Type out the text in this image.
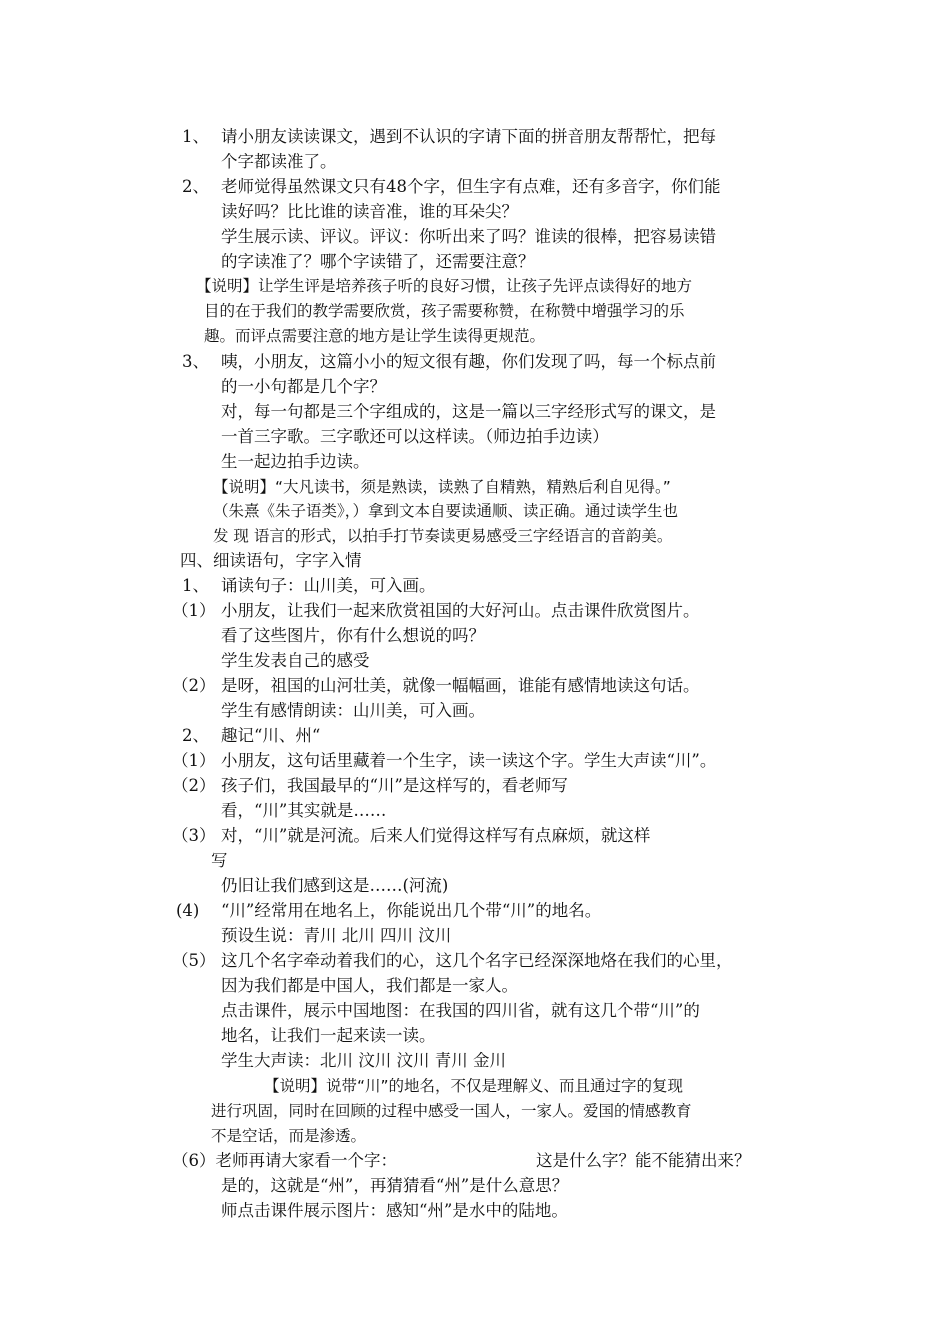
1、 请小朋友读读课文，遇到不认识的字请下面的拼音朋友帮帮忙，把每
个字都读准了。
2、 老师觉得虽然课文只有48个字，但生字有点难，还有多音字，你们能
读好吗？比比谁的读音准，谁的耳朵尖？
学生展示读、评议。评议：你听出来了吗？谁读的很棒，把容易读错
的字读准了？哪个字读错了，还需要注意？
【说明】让学生评是培养孩子听的良好习惯，让孩子先评点读得好的地方
目的在于我们的教学需要欣赏，孩子需要称赞，在称赞中增强学习的乐
趣。而评点需要注意的地方是让学生读得更规范。
3、 咦，小朋友，这篇小小的短文很有趣，你们发现了吗，每一个标点前
的一小句都是几个字？
对，每一句都是三个字组成的，这是一篇以三字经形式写的课文，是
一首三字歌。三字歌还可以这样读。（师边拍手边读）
生一起边拍手边读。
【说明】“大凡读书，须是熟读，读熟了自精熟，精熟后利自见得。”
（朱熹《朱子语类》，）拿到文本自要读通顺、读正确。通过读学生也
发 现 语言的形式，以拍手打节奏读更易感受三字经语言的音韵美。
四、细读语句，字字入情
1、 诵读句子：山川美，可入画。
（1） 小朋友，让我们一起来欣赏祖国的大好河山。点击课件欣赏图片。
看了这些图片，你有什么想说的吗？
学生发表自己的感受
（2） 是呀，祖国的山河壮美，就像一幅幅画，谁能有感情地读这句话。
学生有感情朗读：山川美，可入画。
2、 趣记“川、州“
（1） 小朋友，这句话里藏着一个生字，读一读这个字。学生大声读“川”。
（2） 孩子们，我国最早的“川”是这样写的，看老师写
看，“川”其实就是……
（3） 对，“川”就是河流。后来人们觉得这样写有点麻烦，就这样
写
仍旧让我们感到这是……(河流)
(4) “川”经常用在地名上，你能说出几个带“川”的地名。
预设生说：青川 北川 四川 汶川
（5） 这几个名字牵动着我们的心，这几个名字已经深深地烙在我们的心里，
因为我们都是中国人，我们都是一家人。
点击课件，展示中国地图：在我国的四川省，就有这几个带“川”的
地名，让我们一起来读一读。
学生大声读：北川 汶川 汶川 青川 金川
【说明】说带“川”的地名，不仅是理解义、而且通过字的复现
进行巩固，同时在回顾的过程中感受一国人，一家人。爱国的情感教育
不是空话，而是渗透。
（6）老师再请大家看一个字：	这是什么字？能不能猜出来？
是的，这就是“州”，再猜猜看“州”是什么意思？
师点击课件展示图片：感知“州”是水中的陆地。
